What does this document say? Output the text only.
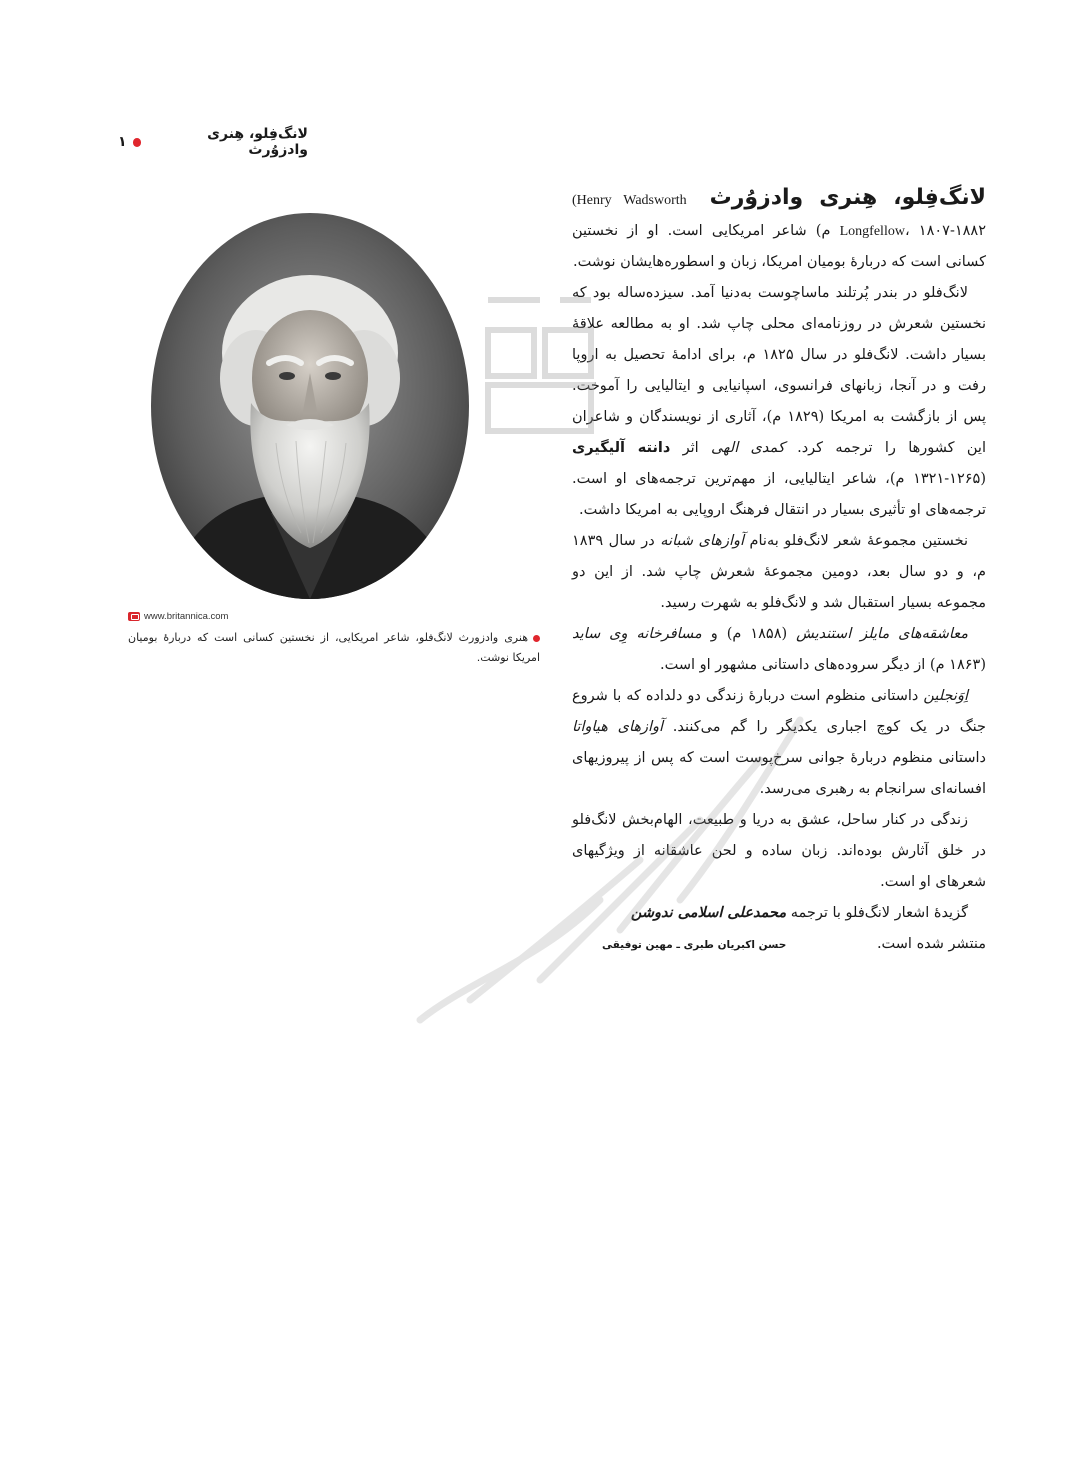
لانگ‌فِلو، هِنری وادزوُرث
۱

لانگ‌فِلو، هِنری وادزوُرث (Henry Wadsworth Longfellow، ۱۸۰۷-۱۸۸۲ م) شاعر امریکایی است. او از نخستین کسانی است که دربارۀ بومیان امریکا، زبان و اسطوره‌هایشان نوشت.

لانگ‌فلو در بندر پُرتلند ماساچوست به‌دنیا آمد. سیزده‌ساله بود که نخستین شعرش در روزنامه‌ای محلی چاپ شد. او به مطالعه علاقۀ بسیار داشت. لانگ‌فلو در سال ۱۸۲۵ م، برای ادامۀ تحصیل به اروپا رفت و در آنجا، زبانهای فرانسوی، اسپانیایی و ایتالیایی را آموخت. پس از بازگشت به امریکا (۱۸۲۹ م)، آثاری از نویسندگان و شاعران این کشورها را ترجمه کرد. کمدی الهی اثر دانته آلیگیری (۱۲۶۵-۱۳۲۱ م)، شاعر ایتالیایی، از مهم‌ترین ترجمه‌های او است. ترجمه‌های او تأثیری بسیار در انتقال فرهنگ اروپایی به امریکا داشت.

نخستین مجموعۀ شعر لانگ‌فلو به‌نام آوازهای شبانه در سال ۱۸۳۹ م، و دو سال بعد، دومین مجموعۀ شعرش چاپ شد. از این دو مجموعه بسیار استقبال شد و لانگ‌فلو به شهرت رسید.

معاشقه‌های مایلز استندیش (۱۸۵۸ م) و مسافرخانه وِی ساید (۱۸۶۳ م) از دیگر سروده‌های داستانی مشهور او است.

اِوَنجلین داستانی منظوم است دربارۀ زندگی دو دلداده که با شروع جنگ در یک کوچ اجباری یکدیگر را گم می‌کنند. آوازهای هیاواتا داستانی منظوم دربارۀ جوانی سرخ‌پوست است که پس از پیروزیهای افسانه‌ای سرانجام به رهبری می‌رسد.

زندگی در کنار ساحل، عشق به دریا و طبیعت، الهام‌بخش لانگ‌فلو در خلق آثارش بوده‌اند. زبان ساده و لحن عاشقانه از ویژگیهای شعرهای او است.

گزیدۀ اشعار لانگ‌فلو با ترجمه محمدعلی اسلامی ندوشن

منتشر شده است.
حسن اکبریان طبری ـ مهین توفیقی
www.britannica.com
هنری وادزورث لانگ‌فلو، شاعر امریکایی، از نخستین کسانی است که دربارۀ بومیان امریکا نوشت.
